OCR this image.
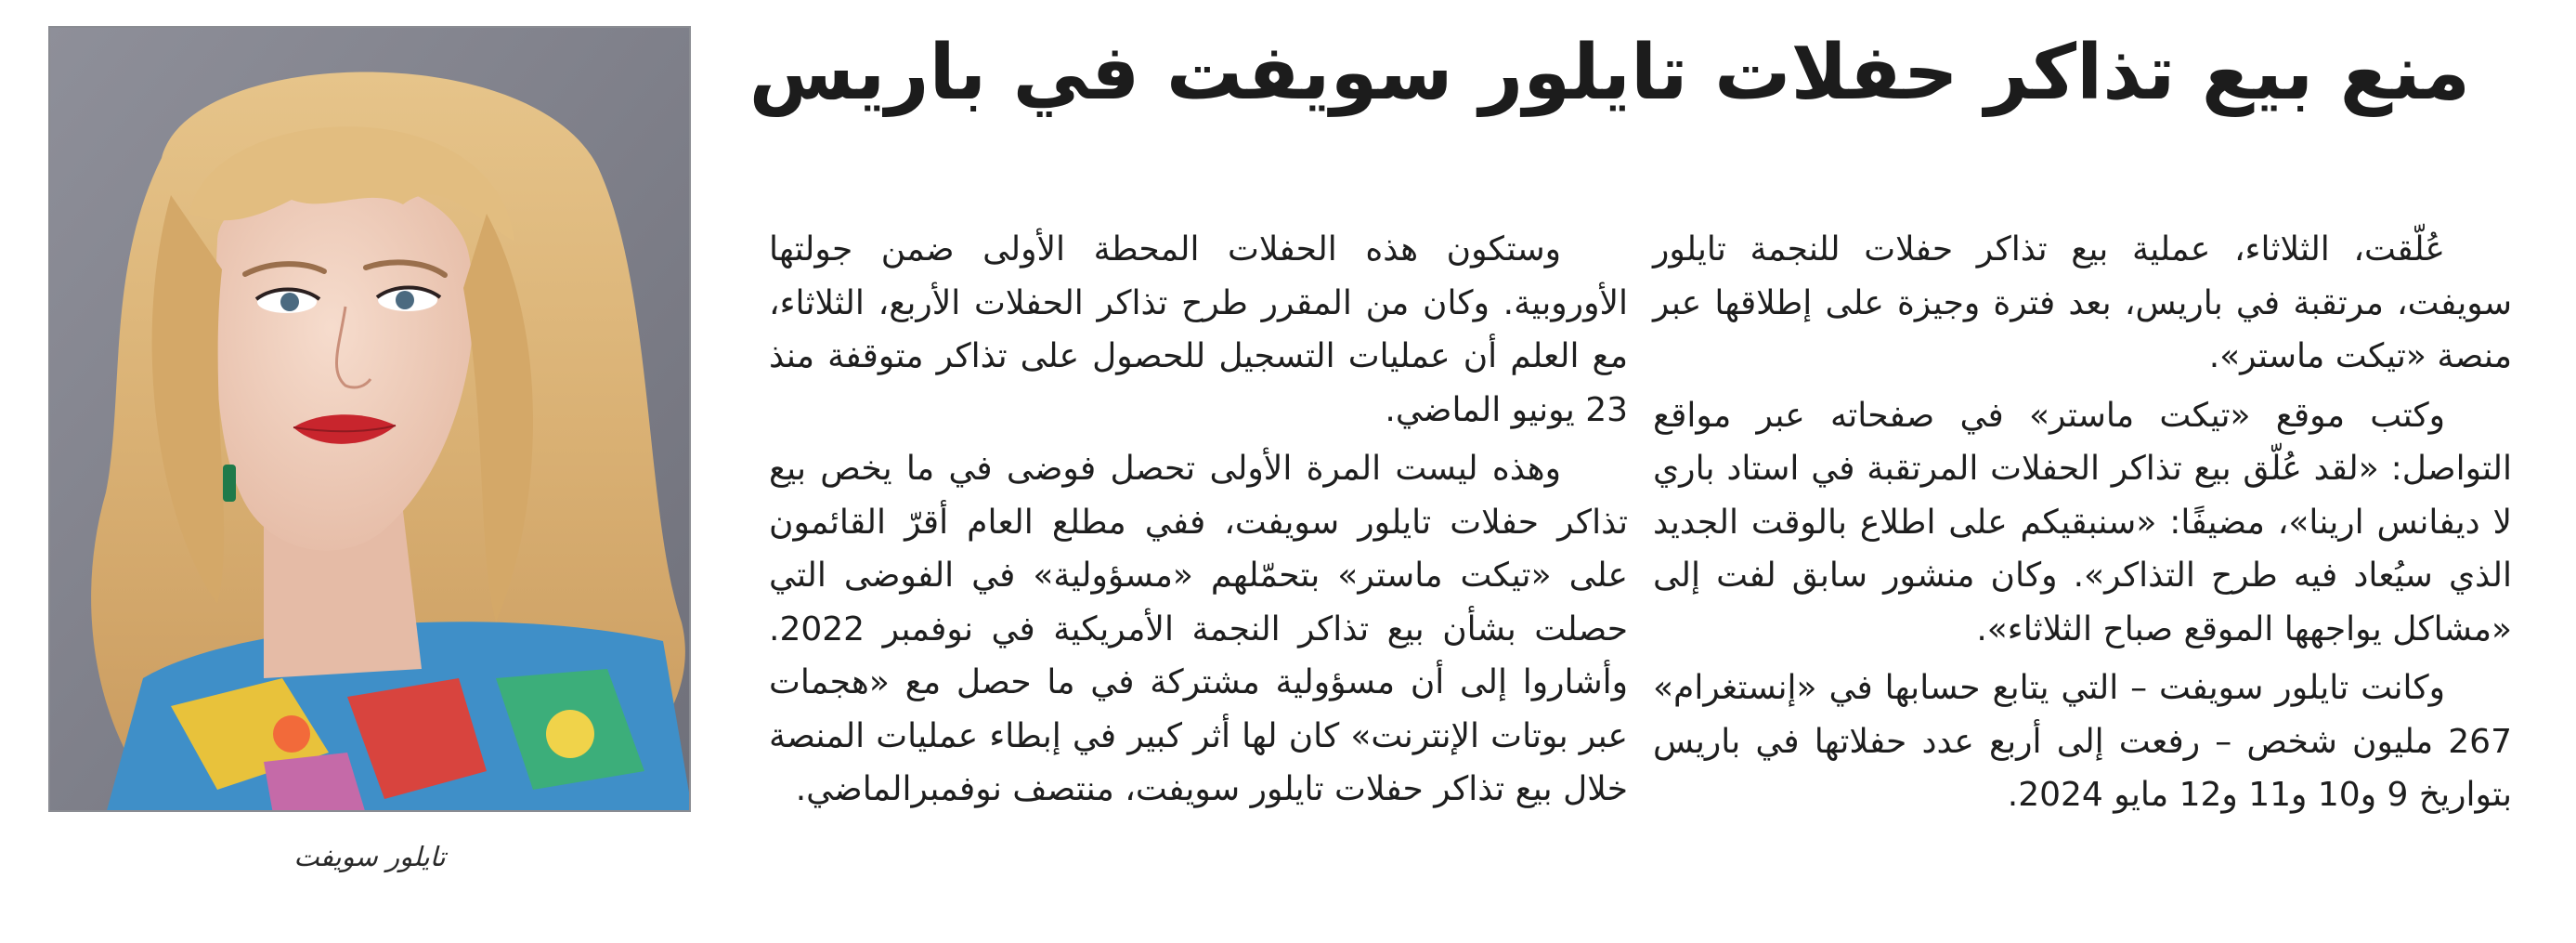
تايلور سويفت
منع بيع تذاكر حفلات تايلور سويفت في باريس

عُلّقت، الثلاثاء، عملية بيع تذاكر حفلات للنجمة تايلور سويفت، مرتقبة في باريس، بعد فترة وجيزة على إطلاقها عبر منصة «تيكت ماستر».

وكتب موقع «تيكت ماستر» في صفحاته عبر مواقع التواصل: «لقد عُلّق بيع تذاكر الحفلات المرتقبة في استاد باري لا ديفانس ارينا»، مضيفًا: «سنبقيكم على اطلاع بالوقت الجديد الذي سيُعاد فيه طرح التذاكر». وكان منشور سابق لفت إلى «مشاكل يواجهها الموقع صباح الثلاثاء».

وكانت تايلور سويفت – التي يتابع حسابها في «إنستغرام» 267 مليون شخص – رفعت إلى أربع عدد حفلاتها في باريس بتواريخ 9 و10 و11 و12 مايو 2024.

وستكون هذه الحفلات المحطة الأولى ضمن جولتها الأوروبية. وكان من المقرر طرح تذاكر الحفلات الأربع، الثلاثاء، مع العلم أن عمليات التسجيل للحصول على تذاكر متوقفة منذ 23 يونيو الماضي.

وهذه ليست المرة الأولى تحصل فوضى في ما يخص بيع تذاكر حفلات تايلور سويفت، ففي مطلع العام أقرّ القائمون على «تيكت ماستر» بتحمّلهم «مسؤولية» في الفوضى التي حصلت بشأن بيع تذاكر النجمة الأمريكية في نوفمبر 2022. وأشاروا إلى أن مسؤولية مشتركة في ما حصل مع «هجمات عبر بوتات الإنترنت» كان لها أثر كبير في إبطاء عمليات المنصة خلال بيع تذاكر حفلات تايلور سويفت، منتصف نوفمبرالماضي.
